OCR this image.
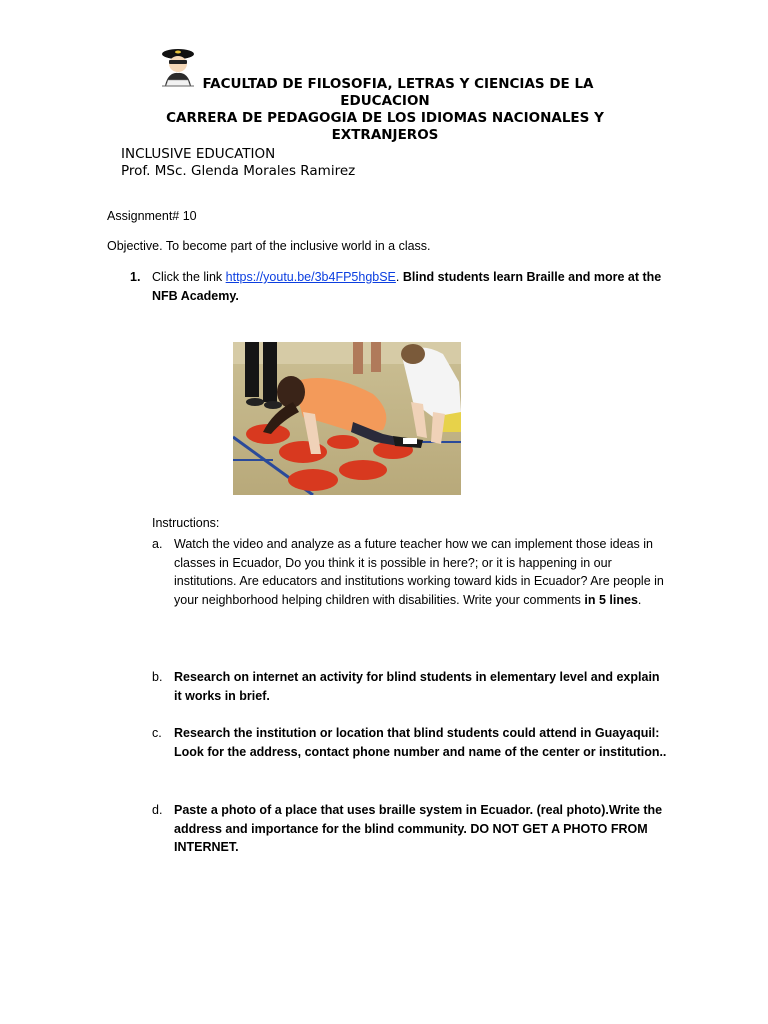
FACULTAD DE FILOSOFIA, LETRAS Y CIENCIAS DE LA
EDUCACION
CARRERA DE PEDAGOGIA DE LOS IDIOMAS NACIONALES Y
EXTRANJEROS
INCLUSIVE EDUCATION
Prof. MSc. Glenda Morales Ramirez
Assignment# 10
Objective. To become part of the inclusive world in a class.
1. Click the link https://youtu.be/3b4FP5hgbSE. Blind students learn Braille and more at the NFB Academy.
Instructions:
a. Watch the video and analyze as a future teacher how we can implement those ideas in classes in Ecuador, Do you think it is possible in here?; or it is happening in our institutions. Are educators and institutions working toward kids in Ecuador? Are people in your neighborhood helping children with disabilities. Write your comments in 5 lines.
b. Research on internet an activity for blind students in elementary level and explain it works in brief.
c. Research the institution or location that blind students could attend in Guayaquil: Look for the address, contact phone number and name of the center or institution..
d. Paste a photo of a place that uses braille system in Ecuador. (real photo).Write the address and importance for the blind community. DO NOT GET A PHOTO FROM INTERNET.
